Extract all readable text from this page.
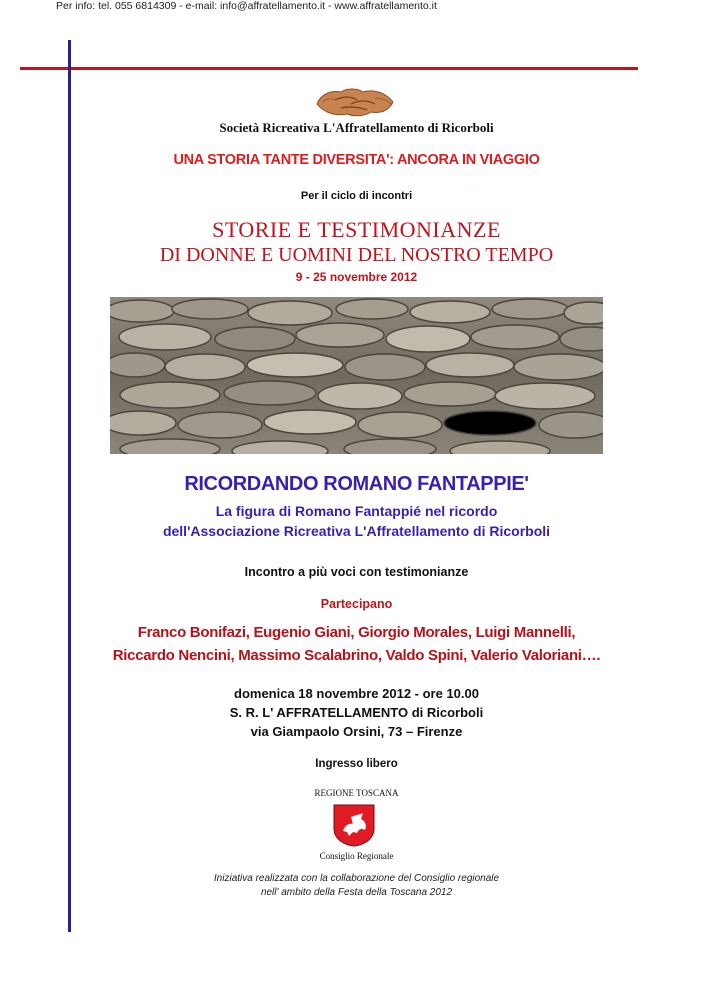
Società Ricreativa L'Affratellamento di Ricorboli
UNA STORIA TANTE DIVERSITA': ANCORA IN VIAGGIO
Per il ciclo di incontri
STORIE E TESTIMONIANZE
DI DONNE E UOMINI DEL NOSTRO TEMPO
9 - 25 novembre 2012
RICORDANDO ROMANO FANTAPPIE'
La figura di Romano Fantappié nel ricordo
dell'Associazione Ricreativa L'Affratellamento di Ricorboli
Incontro a più voci con testimonianze
Partecipano
Franco Bonifazi, Eugenio Giani, Giorgio Morales, Luigi Mannelli,
Riccardo Nencini, Massimo Scalabrino, Valdo Spini, Valerio Valoriani….
domenica 18 novembre 2012 - ore 10.00
S. R. L' AFFRATELLAMENTO di Ricorboli
via Giampaolo Orsini, 73 – Firenze
Ingresso libero
REGIONE TOSCANA
Consiglio Regionale
Iniziativa realizzata con la collaborazione del Consiglio regionale
nell' ambito della Festa della Toscana 2012
Per info: tel. 055 6814309 - e-mail: info@affratellamento.it - www.affratellamento.it
